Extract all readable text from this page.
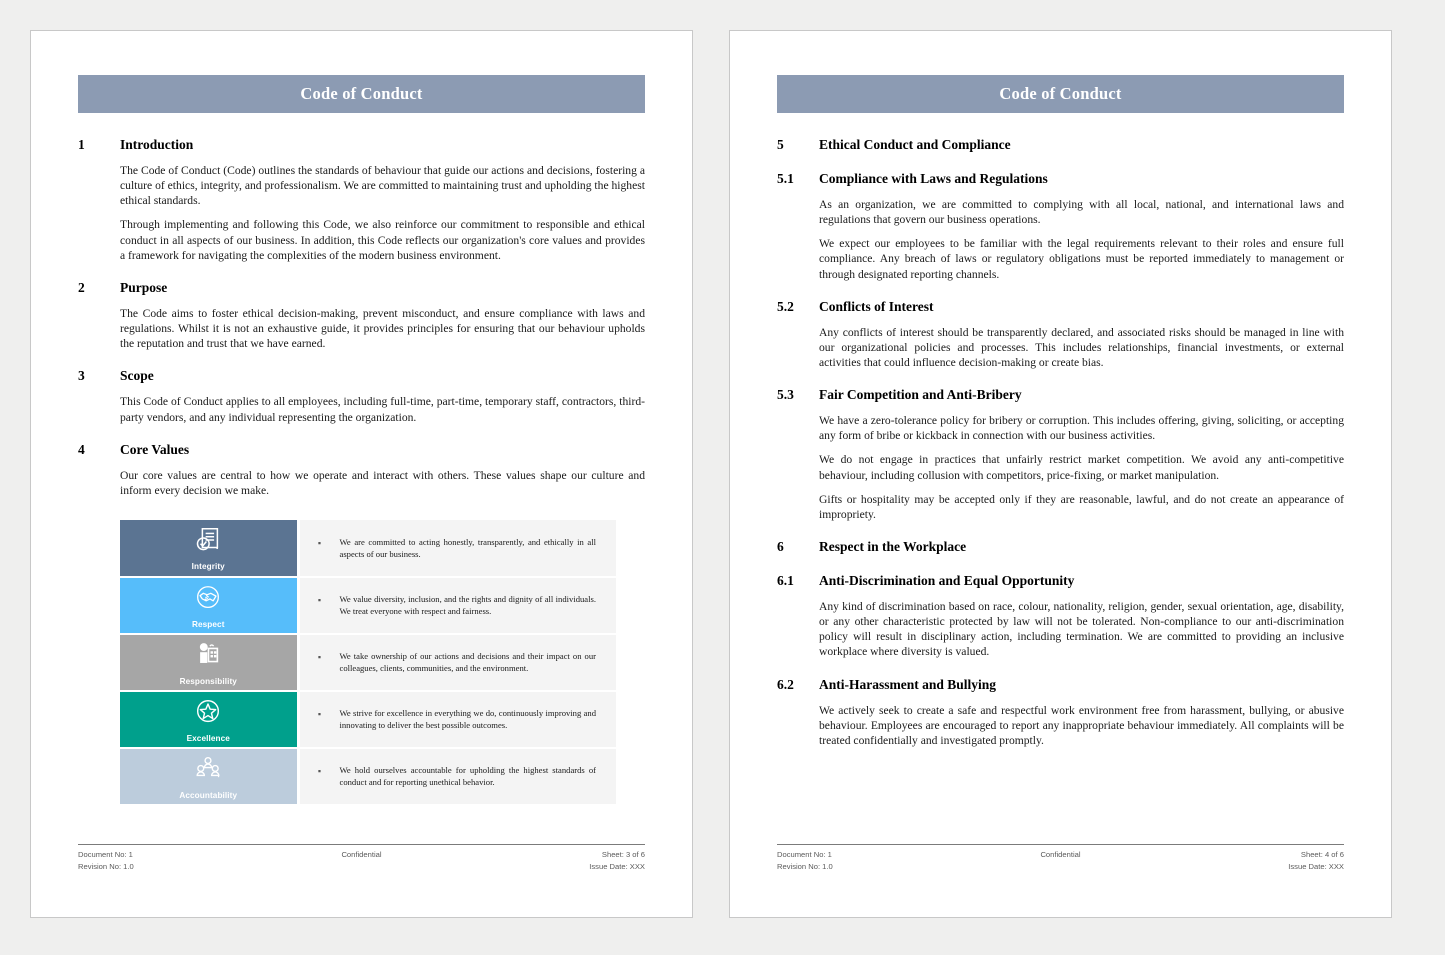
Code of Conduct
1	Introduction

The Code of Conduct (Code) outlines the standards of behaviour that guide our actions and decisions, fostering a culture of ethics, integrity, and professionalism. We are committed to maintaining trust and upholding the highest ethical standards.

Through implementing and following this Code, we also reinforce our commitment to responsible and ethical conduct in all aspects of our business. In addition, this Code reflects our organization's core values and provides a framework for navigating the complexities of the modern business environment.

2	Purpose

The Code aims to foster ethical decision-making, prevent misconduct, and ensure compliance with laws and regulations. Whilst it is not an exhaustive guide, it provides principles for ensuring that our behaviour upholds the reputation and trust that we have earned.

3	Scope

This Code of Conduct applies to all employees, including full-time, part-time, temporary staff, contractors, third-party vendors, and any individual representing the organization.

4	Core Values

Our core values are central to how we operate and interact with others. These values shape our culture and inform every decision we make.

Integrity	▪ We are committed to acting honestly, transparently, and ethically in all aspects of our business.

Respect	▪ We value diversity, inclusion, and the rights and dignity of all individuals. We treat everyone with respect and fairness.

Responsibility	▪ We take ownership of our actions and decisions and their impact on our colleagues, clients, communities, and the environment.

Excellence	▪ We strive for excellence in everything we do, continuously improving and innovating to deliver the best possible outcomes.

Accountability	▪ We hold ourselves accountable for upholding the highest standards of conduct and for reporting unethical behavior.
Document No: 1
Revision No: 1.0
Confidential	Sheet: 3 of 6
Issue Date: XXX
Code of Conduct
5	Ethical Conduct and Compliance
5.1	Compliance with Laws and Regulations

As an organization, we are committed to complying with all local, national, and international laws and regulations that govern our business operations.

We expect our employees to be familiar with the legal requirements relevant to their roles and ensure full compliance. Any breach of laws or regulatory obligations must be reported immediately to management or through designated reporting channels.

5.2	Conflicts of Interest

Any conflicts of interest should be transparently declared, and associated risks should be managed in line with our organizational policies and processes. This includes relationships, financial investments, or external activities that could influence decision-making or create bias.

5.3	Fair Competition and Anti-Bribery

We have a zero-tolerance policy for bribery or corruption. This includes offering, giving, soliciting, or accepting any form of bribe or kickback in connection with our business activities.

We do not engage in practices that unfairly restrict market competition. We avoid any anti-competitive behaviour, including collusion with competitors, price-fixing, or market manipulation.

Gifts or hospitality may be accepted only if they are reasonable, lawful, and do not create an appearance of impropriety.

6	Respect in the Workplace
6.1	Anti-Discrimination and Equal Opportunity

Any kind of discrimination based on race, colour, nationality, religion, gender, sexual orientation, age, disability, or any other characteristic protected by law will not be tolerated. Non-compliance to our anti-discrimination policy will result in disciplinary action, including termination. We are committed to providing an inclusive workplace where diversity is valued.

6.2	Anti-Harassment and Bullying

We actively seek to create a safe and respectful work environment free from harassment, bullying, or abusive behaviour. Employees are encouraged to report any inappropriate behaviour immediately. All complaints will be treated confidentially and investigated promptly.

Document No: 1
Revision No: 1.0
Confidential	Sheet: 4 of 6
Issue Date: XXX
